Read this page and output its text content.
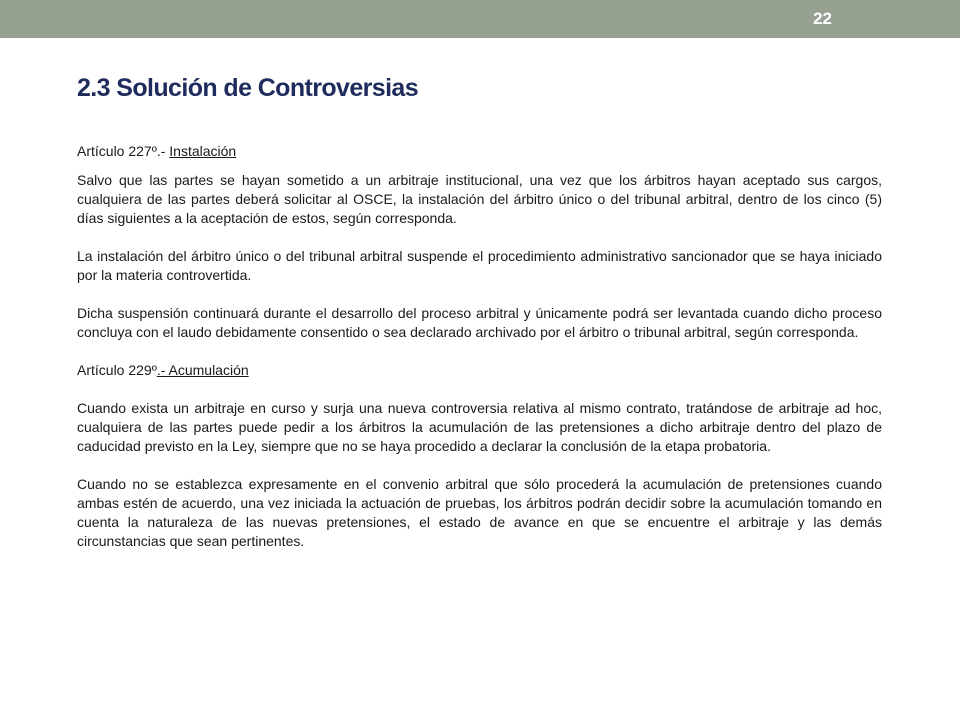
22
2.3 Solución de Controversias

Artículo 227º.- Instalación

Salvo que las partes se hayan sometido a un arbitraje institucional, una vez que los árbitros hayan aceptado sus cargos, cualquiera de las partes deberá solicitar al OSCE, la instalación del árbitro único o del tribunal arbitral, dentro de los cinco (5) días siguientes a la aceptación de estos, según corresponda.

La instalación del árbitro único o del tribunal arbitral suspende el procedimiento administrativo sancionador que se haya iniciado por la materia controvertida.

Dicha suspensión continuará durante el desarrollo del proceso arbitral y únicamente podrá ser levantada cuando dicho proceso concluya con el laudo debidamente consentido o sea declarado archivado por el árbitro o tribunal arbitral, según corresponda.

Artículo 229º.- Acumulación

Cuando exista un arbitraje en curso y surja una nueva controversia relativa al mismo contrato, tratándose de arbitraje ad hoc, cualquiera de las partes puede pedir a los árbitros la acumulación de las pretensiones a dicho arbitraje dentro del plazo de caducidad previsto en la Ley, siempre que no se haya procedido a declarar la conclusión de la etapa probatoria.

Cuando no se establezca expresamente en el convenio arbitral que sólo procederá la acumulación de pretensiones cuando ambas estén de acuerdo, una vez iniciada la actuación de pruebas, los árbitros podrán decidir sobre la acumulación tomando en cuenta la naturaleza de las nuevas pretensiones, el estado de avance en que se encuentre el arbitraje y las demás circunstancias que sean pertinentes.
